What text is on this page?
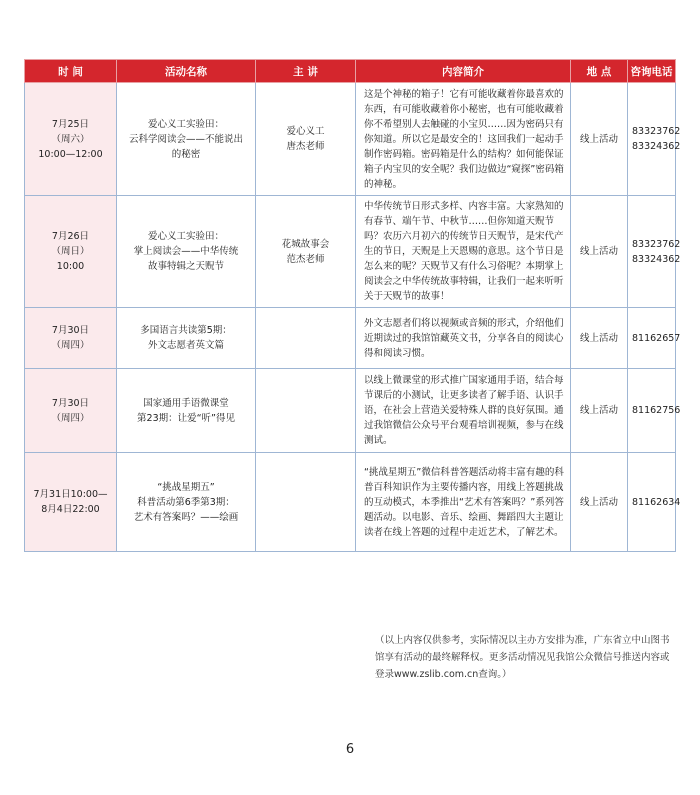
时 间	活动名称	主 讲	内容简介	地 点	咨询电话

7月25日
（周六）
10:00—12:00	爱心义工实验田：
云科学阅读会——不能说出
的秘密	爱心义工
唐杰老师	这是个神秘的箱子！它有可能收藏着你最喜欢的东西，有可能收藏着你小秘密，也有可能收藏着你不希望别人去触碰的小宝贝……因为密码只有你知道。所以它是最安全的！这回我们一起动手制作密码箱。密码箱是什么的结构？如何能保证箱子内宝贝的安全呢？我们边做边“窥探”密码箱的神秘。	线上活动	83323762
83324362

7月26日
（周日）
10:00	爱心义工实验田：
掌上阅读会——中华传统
故事特辑之天贶节	花城故事会
范杰老师	中华传统节日形式多样、内容丰富。大家熟知的有春节、端午节、中秋节……但你知道天贶节吗？农历六月初六的传统节日天贶节，是宋代产生的节日，天贶是上天恩赐的意思。这个节日是怎么来的呢？天贶节又有什么习俗呢？本期掌上阅读会之中华传统故事特辑，让我们一起来听听关于天贶节的故事！	线上活动	83323762
83324362

7月30日
（周四）	多国语言共读第5期：
外文志愿者英文篇		外文志愿者们将以视频或音频的形式，介绍他们近期读过的我馆馆藏英文书，分享各自的阅读心得和阅读习惯。	线上活动	81162657

7月30日
（周四）	国家通用手语微课堂
第23期：让爱“听”得见		以线上微课堂的形式推广国家通用手语，结合每节课后的小测试，让更多读者了解手语、认识手语，在社会上营造关爱特殊人群的良好氛围。通过我馆微信公众号平台观看培训视频，参与在线测试。	线上活动	81162756

7月31日10:00—
8月4日22:00	“挑战星期五”
科普活动第6季第3期：
艺术有答案吗？——绘画		“挑战星期五”微信科普答题活动将丰富有趣的科普百科知识作为主要传播内容，用线上答题挑战的互动模式，本季推出“艺术有答案吗？”系列答题活动。以电影、音乐、绘画、舞蹈四大主题让读者在线上答题的过程中走近艺术，了解艺术。	线上活动	81162634
（以上内容仅供参考，实际情况以主办方安排为准，广东省立中山图书馆享有活动的最终解释权。更多活动情况见我馆公众微信号推送内容或登录www.zslib.com.cn查询。）
6
